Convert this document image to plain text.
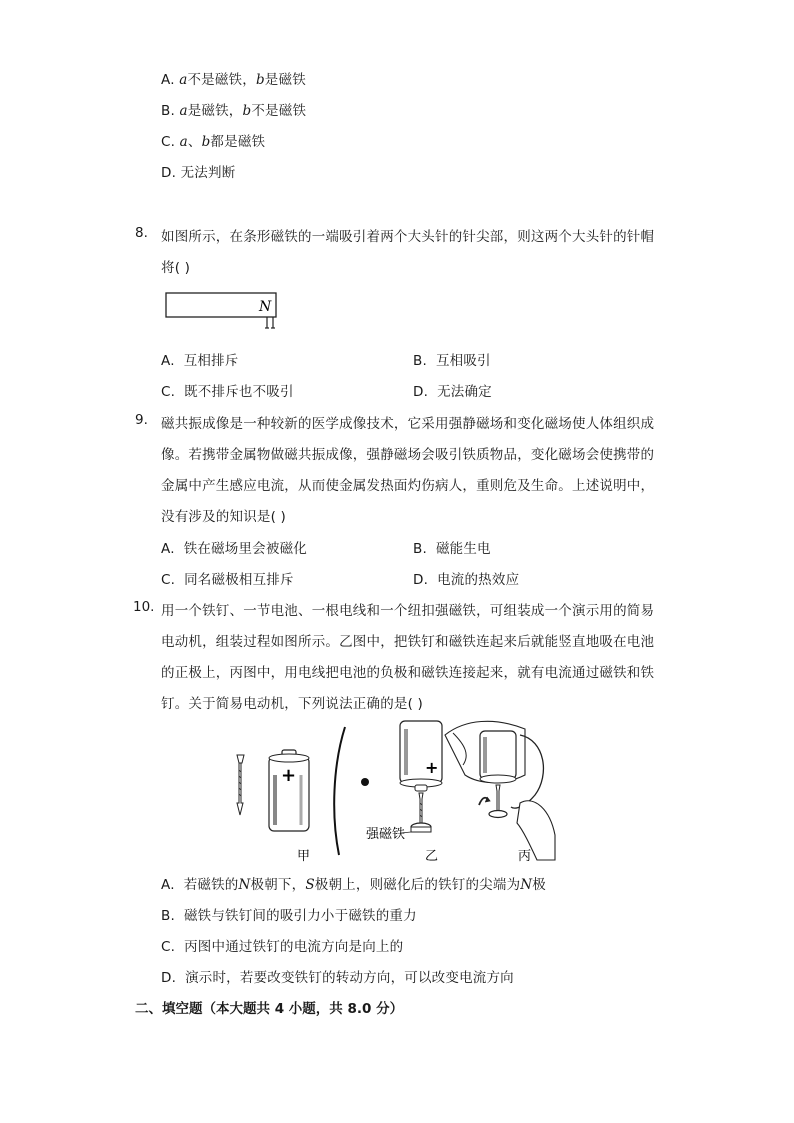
A. a不是磁铁，b是磁铁
B. a是磁铁，b不是磁铁
C. a、b都是磁铁
D. 无法判断
8. 如图所示，在条形磁铁的一端吸引着两个大头针的针尖部，则这两个大头针的针帽
将( )
N
A. 互相排斥	B. 互相吸引
C. 既不排斥也不吸引	D. 无法确定
9. 磁共振成像是一种较新的医学成像技术，它采用强静磁场和变化磁场使人体组织成
像。若携带金属物做磁共振成像，强静磁场会吸引铁质物品，变化磁场会使携带的
金属中产生感应电流，从而使金属发热面灼伤病人，重则危及生命。上述说明中，
没有涉及的知识是( )
A. 铁在磁场里会被磁化	B. 磁能生电
C. 同名磁极相互排斥	D. 电流的热效应
10. 用一个铁钉、一节电池、一根电线和一个纽扣强磁铁，可组装成一个演示用的简易
电动机，组装过程如图所示。乙图中，把铁钉和磁铁连起来后就能竖直地吸在电池
的正极上，丙图中，用电线把电池的负极和磁铁连接起来，就有电流通过磁铁和铁
钉。关于简易电动机，下列说法正确的是( )
+	+
强磁铁
甲	乙	丙
A. 若磁铁的N极朝下，S极朝上，则磁化后的铁钉的尖端为N极
B. 磁铁与铁钉间的吸引力小于磁铁的重力
C. 丙图中通过铁钉的电流方向是向上的
D. 演示时，若要改变铁钉的转动方向，可以改变电流方向
二、填空题（本大题共 4 小题，共 8.0 分）
